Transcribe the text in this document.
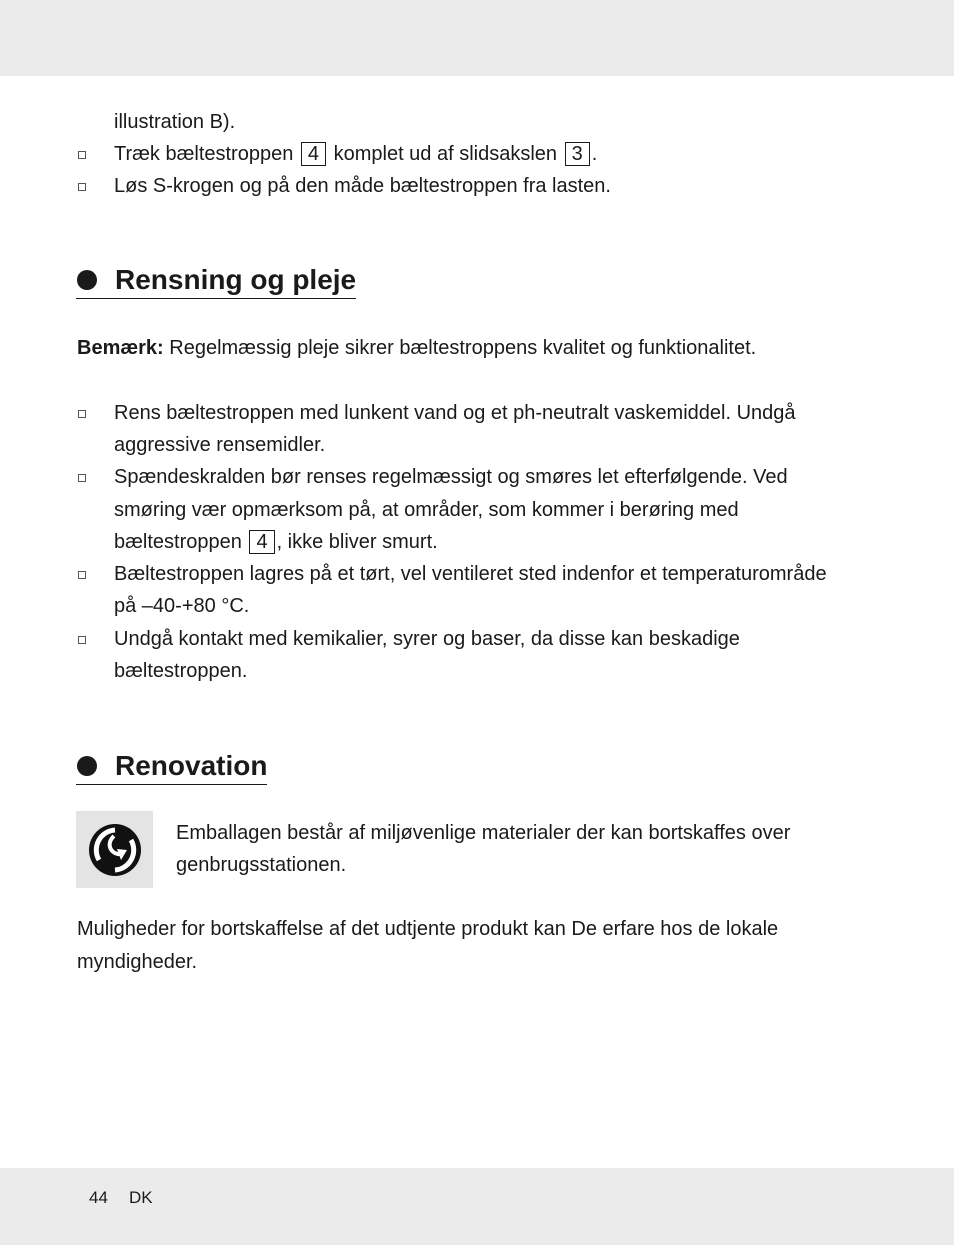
illustration B).
Træk bæltestroppen 4 komplet ud af slidsakslen 3 .
Løs S-krogen og på den måde bæltestroppen fra lasten.
Rensning og pleje
Bemærk: Regelmæssig pleje sikrer bæltestroppens kvalitet og funktionalitet.
Rens bæltestroppen med lunkent vand og et ph-neutralt vaskemiddel. Undgå
aggressive rensemidler.
Spændeskralden bør renses regelmæssigt og smøres let efterfølgende. Ved
smøring vær opmærksom på, at områder, som kommer i berøring med
bæltestroppen 4 , ikke bliver smurt.
Bæltestroppen lagres på et tørt, vel ventileret sted indenfor et temperaturområde
på –40-+80 °C.
Undgå kontakt med kemikalier, syrer og baser, da disse kan beskadige
bæltestroppen.
Renovation
Emballagen består af miljøvenlige materialer der kan bortskaffes over
genbrugsstationen.
Muligheder for bortskaffelse af det udtjente produkt kan De erfare hos de lokale
myndigheder.
44 DK
